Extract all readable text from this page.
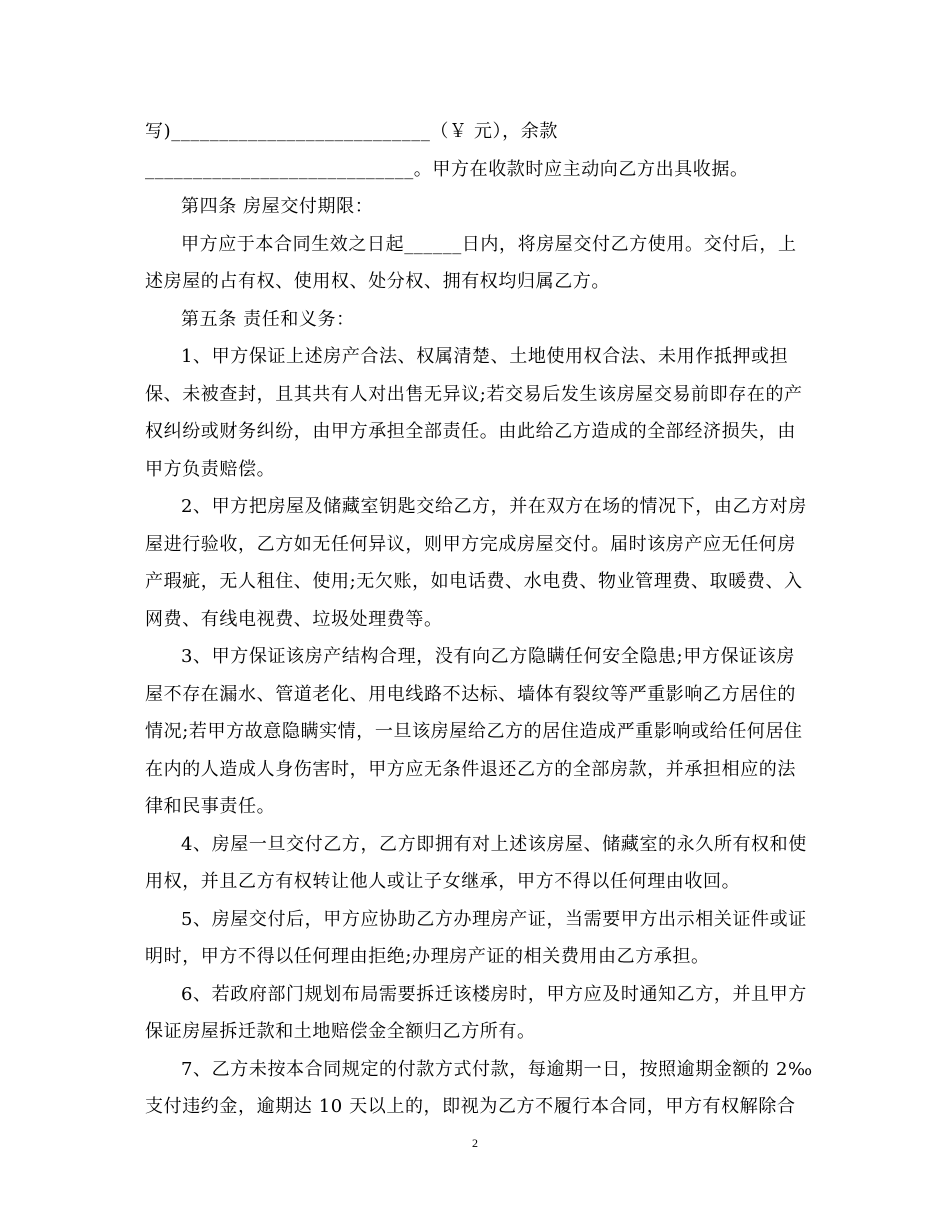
写)___________________________（￥ 元），余款
____________________________。甲方在收款时应主动向乙方出具收据。
第四条 房屋交付期限：
甲方应于本合同生效之日起______日内，将房屋交付乙方使用。交付后，上
述房屋的占有权、使用权、处分权、拥有权均归属乙方。
第五条 责任和义务：
1、甲方保证上述房产合法、权属清楚、土地使用权合法、未用作抵押或担
保、未被查封，且其共有人对出售无异议;若交易后发生该房屋交易前即存在的产
权纠纷或财务纠纷，由甲方承担全部责任。由此给乙方造成的全部经济损失，由
甲方负责赔偿。
2、甲方把房屋及储藏室钥匙交给乙方，并在双方在场的情况下，由乙方对房
屋进行验收，乙方如无任何异议，则甲方完成房屋交付。届时该房产应无任何房
产瑕疵，无人租住、使用;无欠账，如电话费、水电费、物业管理费、取暖费、入
网费、有线电视费、垃圾处理费等。
3、甲方保证该房产结构合理，没有向乙方隐瞒任何安全隐患;甲方保证该房
屋不存在漏水、管道老化、用电线路不达标、墙体有裂纹等严重影响乙方居住的
情况;若甲方故意隐瞒实情，一旦该房屋给乙方的居住造成严重影响或给任何居住
在内的人造成人身伤害时，甲方应无条件退还乙方的全部房款，并承担相应的法
律和民事责任。
4、房屋一旦交付乙方，乙方即拥有对上述该房屋、储藏室的永久所有权和使
用权，并且乙方有权转让他人或让子女继承，甲方不得以任何理由收回。
5、房屋交付后，甲方应协助乙方办理房产证，当需要甲方出示相关证件或证
明时，甲方不得以任何理由拒绝;办理房产证的相关费用由乙方承担。
6、若政府部门规划布局需要拆迁该楼房时，甲方应及时通知乙方，并且甲方
保证房屋拆迁款和土地赔偿金全额归乙方所有。
7、乙方未按本合同规定的付款方式付款，每逾期一日，按照逾期金额的 2‰
支付违约金，逾期达 10 天以上的，即视为乙方不履行本合同，甲方有权解除合
2
